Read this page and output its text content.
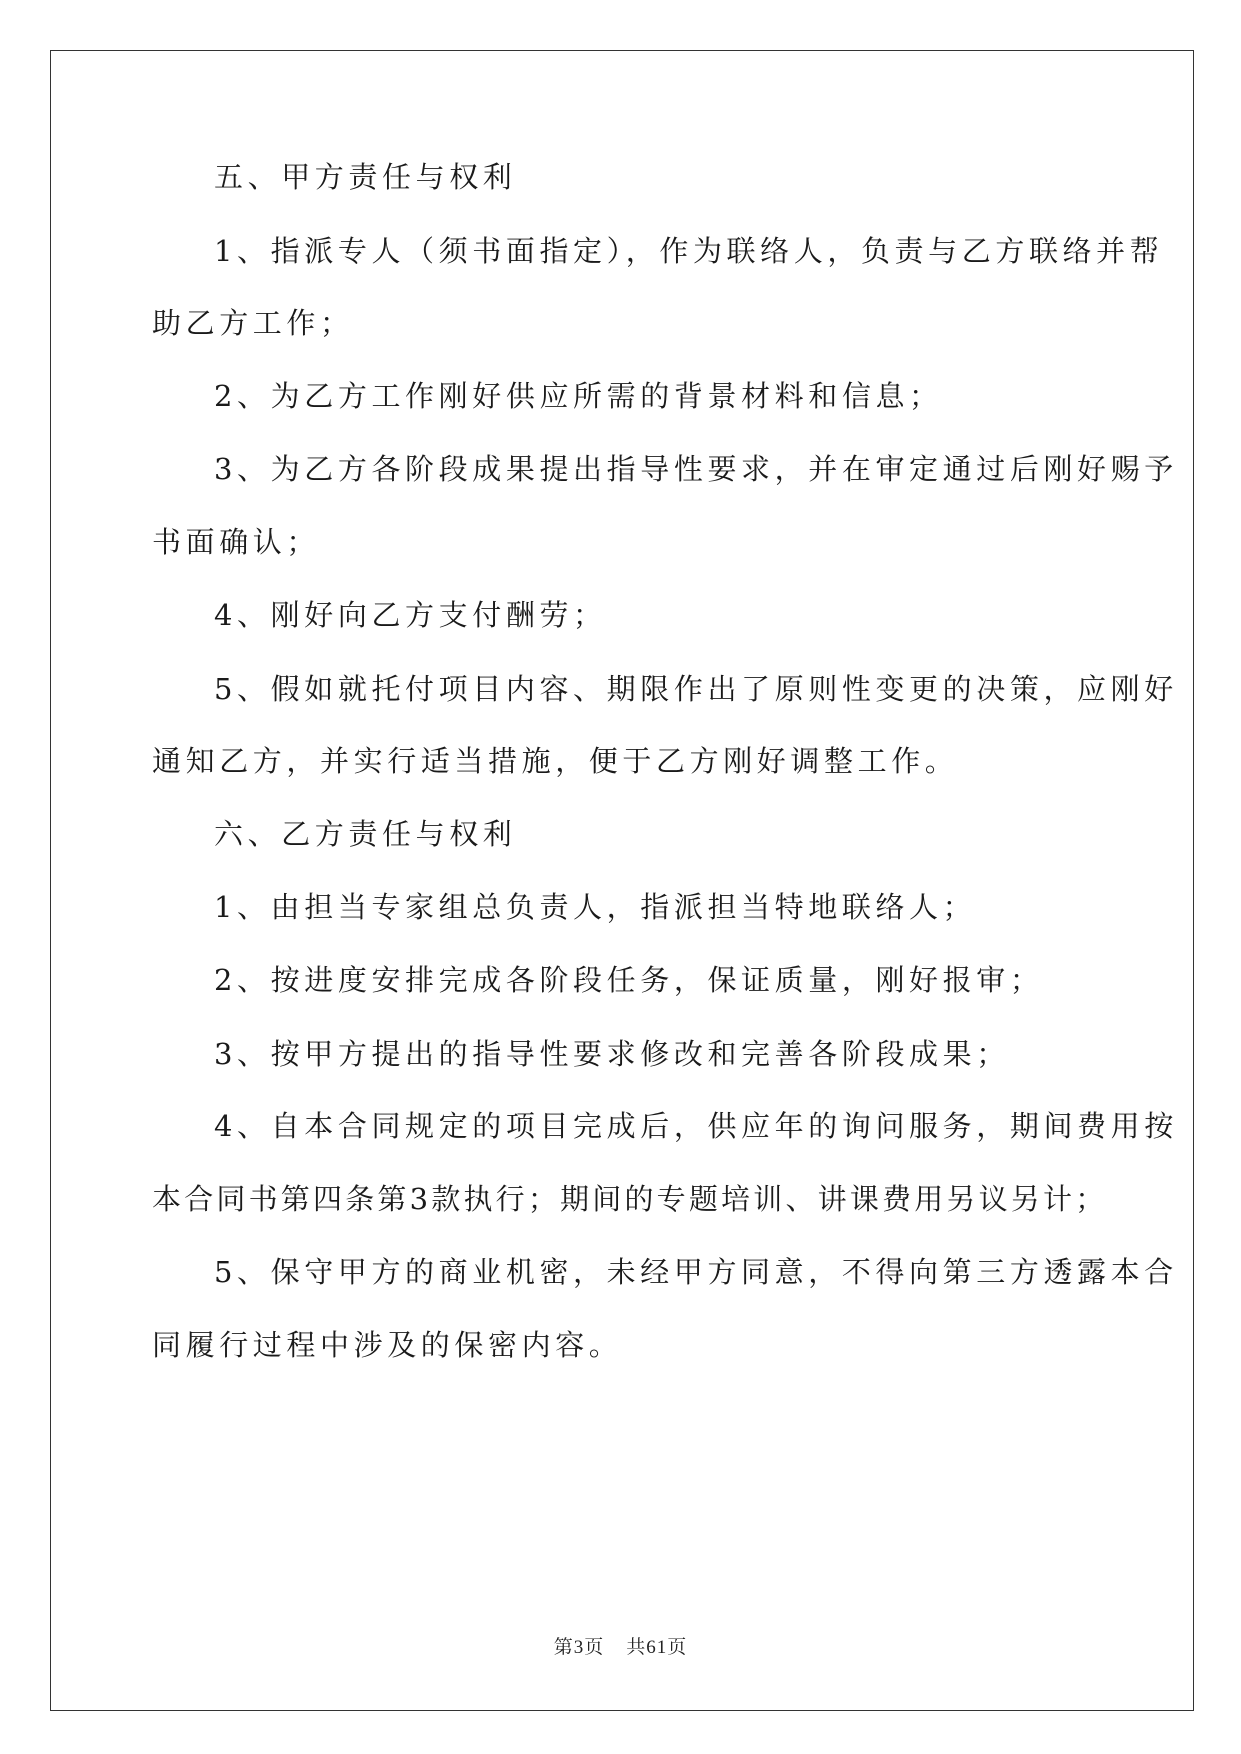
五、甲方责任与权利

1、指派专人（须书面指定），作为联络人，负责与乙方联络并帮

助乙方工作；

2、为乙方工作刚好供应所需的背景材料和信息；

3、为乙方各阶段成果提出指导性要求，并在审定通过后刚好赐予

书面确认；

4、刚好向乙方支付酬劳；

5、假如就托付项目内容、期限作出了原则性变更的决策，应刚好

通知乙方，并实行适当措施，便于乙方刚好调整工作。

六、乙方责任与权利

1、由担当专家组总负责人，指派担当特地联络人；

2、按进度安排完成各阶段任务，保证质量，刚好报审；

3、按甲方提出的指导性要求修改和完善各阶段成果；

4、自本合同规定的项目完成后，供应年的询问服务，期间费用按

本合同书第四条第3款执行；期间的专题培训、讲课费用另议另计；

5、保守甲方的商业机密，未经甲方同意，不得向第三方透露本合

同履行过程中涉及的保密内容。

第3页 共61页
